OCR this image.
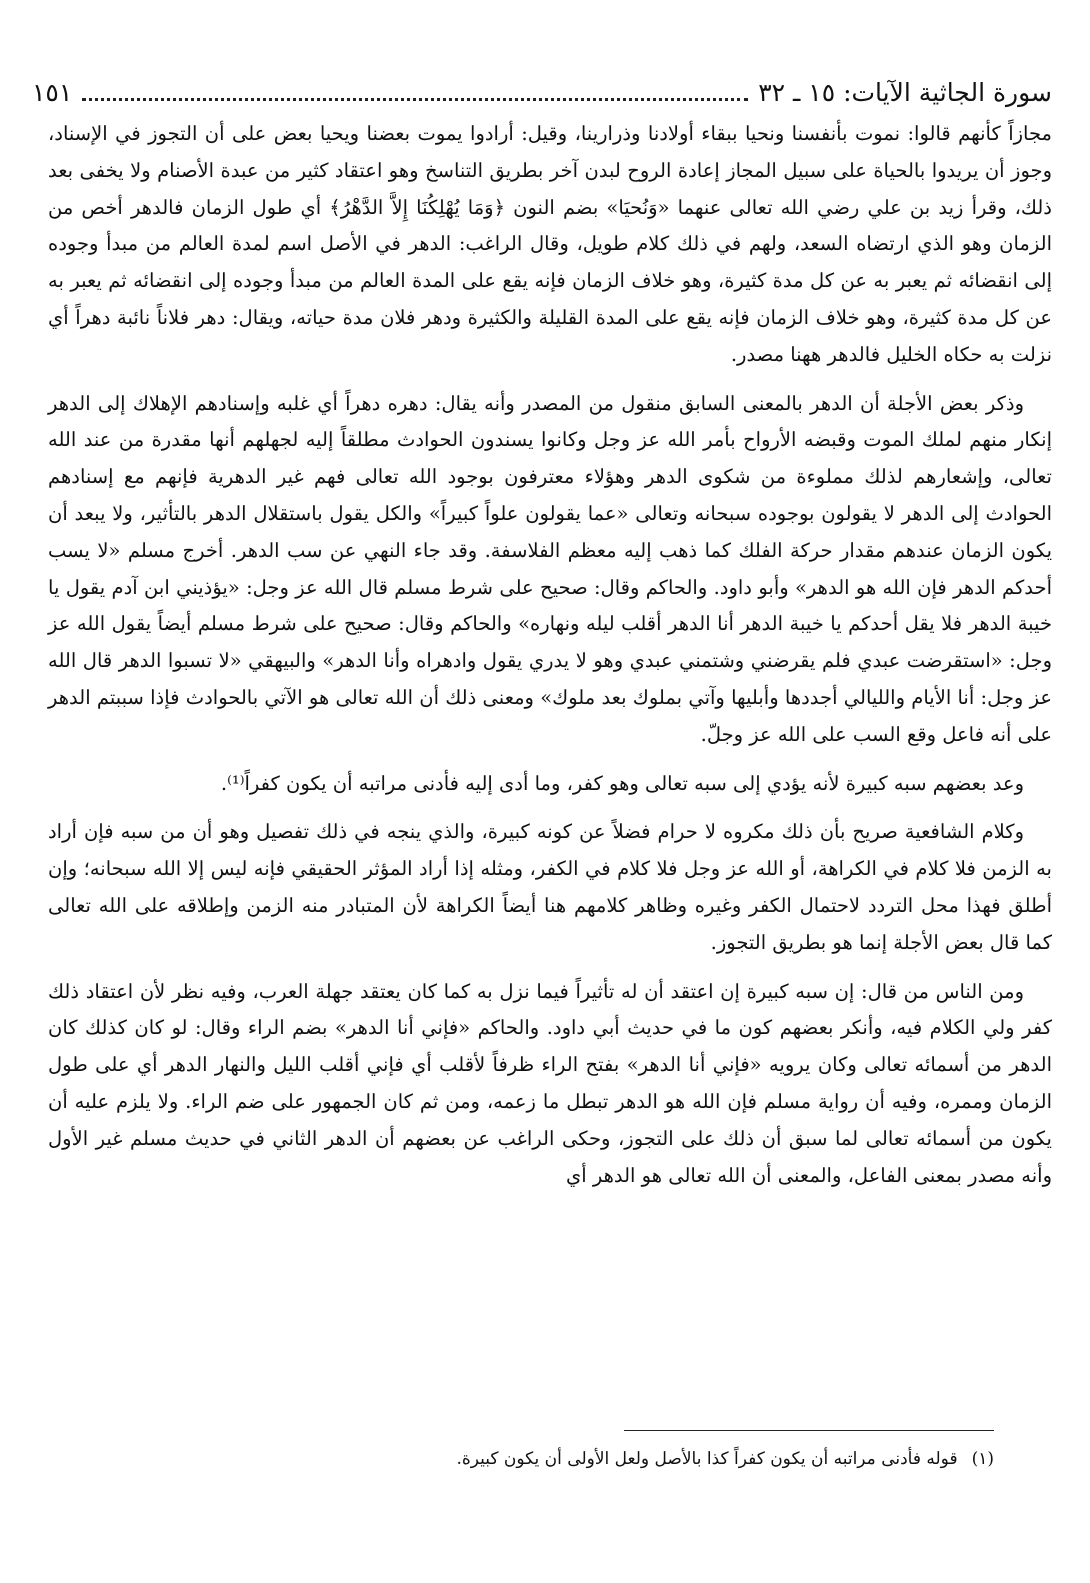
سورة الجاثية الآيات: ١٥ ـ ٣٢
١٥١

مجازاً كأنهم قالوا: نموت بأنفسنا ونحيا ببقاء أولادنا وذرارينا، وقيل: أرادوا يموت بعضنا ويحيا بعض على أن التجوز في الإسناد، وجوز أن يريدوا بالحياة على سبيل المجاز إعادة الروح لبدن آخر بطريق التناسخ وهو اعتقاد كثير من عبدة الأصنام ولا يخفى بعد ذلك، وقرأ زيد بن علي رضي الله تعالى عنهما «وَنُحيَا» بضم النون ﴿وَمَا يُهْلِكُنَا إِلاَّ الدَّهْرُ﴾ أي طول الزمان فالدهر أخص من الزمان وهو الذي ارتضاه السعد، ولهم في ذلك كلام طويل، وقال الراغب: الدهر في الأصل اسم لمدة العالم من مبدأ وجوده إلى انقضائه ثم يعبر به عن كل مدة كثيرة، وهو خلاف الزمان فإنه يقع على المدة العالم من مبدأ وجوده إلى انقضائه ثم يعبر به عن كل مدة كثيرة، وهو خلاف الزمان فإنه يقع على المدة القليلة والكثيرة ودهر فلان مدة حياته، ويقال: دهر فلاناً نائبة دهراً أي نزلت به حكاه الخليل فالدهر ههنا مصدر.

وذكر بعض الأجلة أن الدهر بالمعنى السابق منقول من المصدر وأنه يقال: دهره دهراً أي غلبه وإسنادهم الإهلاك إلى الدهر إنكار منهم لملك الموت وقبضه الأرواح بأمر الله عز وجل وكانوا يسندون الحوادث مطلقاً إليه لجهلهم أنها مقدرة من عند الله تعالى، وإشعارهم لذلك مملوءة من شكوى الدهر وهؤلاء معترفون بوجود الله تعالى فهم غير الدهرية فإنهم مع إسنادهم الحوادث إلى الدهر لا يقولون بوجوده سبحانه وتعالى «عما يقولون علواً كبيراً» والكل يقول باستقلال الدهر بالتأثير، ولا يبعد أن يكون الزمان عندهم مقدار حركة الفلك كما ذهب إليه معظم الفلاسفة. وقد جاء النهي عن سب الدهر. أخرج مسلم «لا يسب أحدكم الدهر فإن الله هو الدهر» وأبو داود. والحاكم وقال: صحيح على شرط مسلم قال الله عز وجل: «يؤذيني ابن آدم يقول يا خيبة الدهر فلا يقل أحدكم يا خيبة الدهر أنا الدهر أقلب ليله ونهاره» والحاكم وقال: صحيح على شرط مسلم أيضاً يقول الله عز وجل: «استقرضت عبدي فلم يقرضني وشتمني عبدي وهو لا يدري يقول وادهراه وأنا الدهر» والبيهقي «لا تسبوا الدهر قال الله عز وجل: أنا الأيام والليالي أجددها وأبليها وآتي بملوك بعد ملوك» ومعنى ذلك أن الله تعالى هو الآتي بالحوادث فإذا سببتم الدهر على أنه فاعل وقع السب على الله عز وجلّ.

وعد بعضهم سبه كبيرة لأنه يؤدي إلى سبه تعالى وهو كفر، وما أدى إليه فأدنى مراتبه أن يكون كفراً⁽¹⁾.

وكلام الشافعية صريح بأن ذلك مكروه لا حرام فضلاً عن كونه كبيرة، والذي ينجه في ذلك تفصيل وهو أن من سبه فإن أراد به الزمن فلا كلام في الكراهة، أو الله عز وجل فلا كلام في الكفر، ومثله إذا أراد المؤثر الحقيقي فإنه ليس إلا الله سبحانه؛ وإن أطلق فهذا محل التردد لاحتمال الكفر وغيره وظاهر كلامهم هنا أيضاً الكراهة لأن المتبادر منه الزمن وإطلاقه على الله تعالى كما قال بعض الأجلة إنما هو بطريق التجوز.

ومن الناس من قال: إن سبه كبيرة إن اعتقد أن له تأثيراً فيما نزل به كما كان يعتقد جهلة العرب، وفيه نظر لأن اعتقاد ذلك كفر ولي الكلام فيه، وأنكر بعضهم كون ما في حديث أبي داود. والحاكم «فإني أنا الدهر» بضم الراء وقال: لو كان كذلك كان الدهر من أسمائه تعالى وكان يرويه «فإني أنا الدهر» بفتح الراء ظرفاً لأقلب أي فإني أقلب الليل والنهار الدهر أي على طول الزمان وممره، وفيه أن رواية مسلم فإن الله هو الدهر تبطل ما زعمه، ومن ثم كان الجمهور على ضم الراء. ولا يلزم عليه أن يكون من أسمائه تعالى لما سبق أن ذلك على التجوز، وحكى الراغب عن بعضهم أن الدهر الثاني في حديث مسلم غير الأول وأنه مصدر بمعنى الفاعل، والمعنى أن الله تعالى هو الدهر أي

(١)
قوله فأدنى مراتبه أن يكون كفراً كذا بالأصل ولعل الأولى أن يكون كبيرة.
